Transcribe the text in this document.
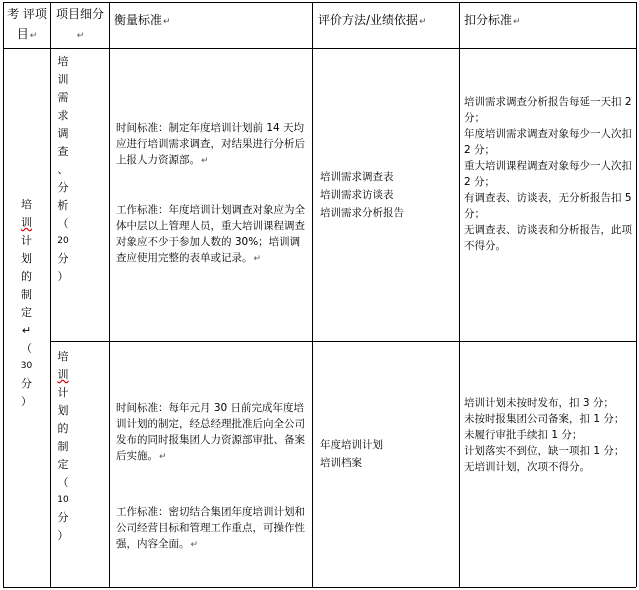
考 评项目↵
项目细分↵
衡量标准↵	评价方法/业绩依据↵	扣分标准↵
培
训
计
划
的
制
定
↵
（
30
分
）
培
训
需
求
调
查
、
分
析
（
20
分
）

时间标准：制定年度培训计划前 14 天均应进行培训需求调查，对结果进行分析后上报人力资源部。↵

工作标准：年度培训计划调查对象应为全体中层以上管理人员，重大培训课程调查对象应不少于参加人数的 30%；培训调查应使用完整的表单或记录。↵

培训需求调查表
培训需求访谈表
培训需求分析报告
培训需求调查分析报告每延一天扣 2 分；
年度培训需求调查对象每少一人次扣 2 分；
重大培训课程调查对象每少一人次扣 2 分；
有调查表、访谈表，无分析报告扣 5 分；
无调查表、访谈表和分析报告，此项不得分。
培
训
计
划
的
制
定
（
10
分
）

时间标准：每年元月 30 日前完成年度培训计划的制定，经总经理批准后向全公司发布的同时报集团人力资源部审批、备案后实施。↵

工作标准：密切结合集团年度培训计划和公司经营目标和管理工作重点，可操作性强，内容全面。↵

年度培训计划
培训档案
培训计划未按时发布，扣 3 分；
未按时报集团公司备案，扣 1 分；
未履行审批手续扣 1 分；
计划落实不到位，缺一项扣 1 分；
无培训计划，次项不得分。
